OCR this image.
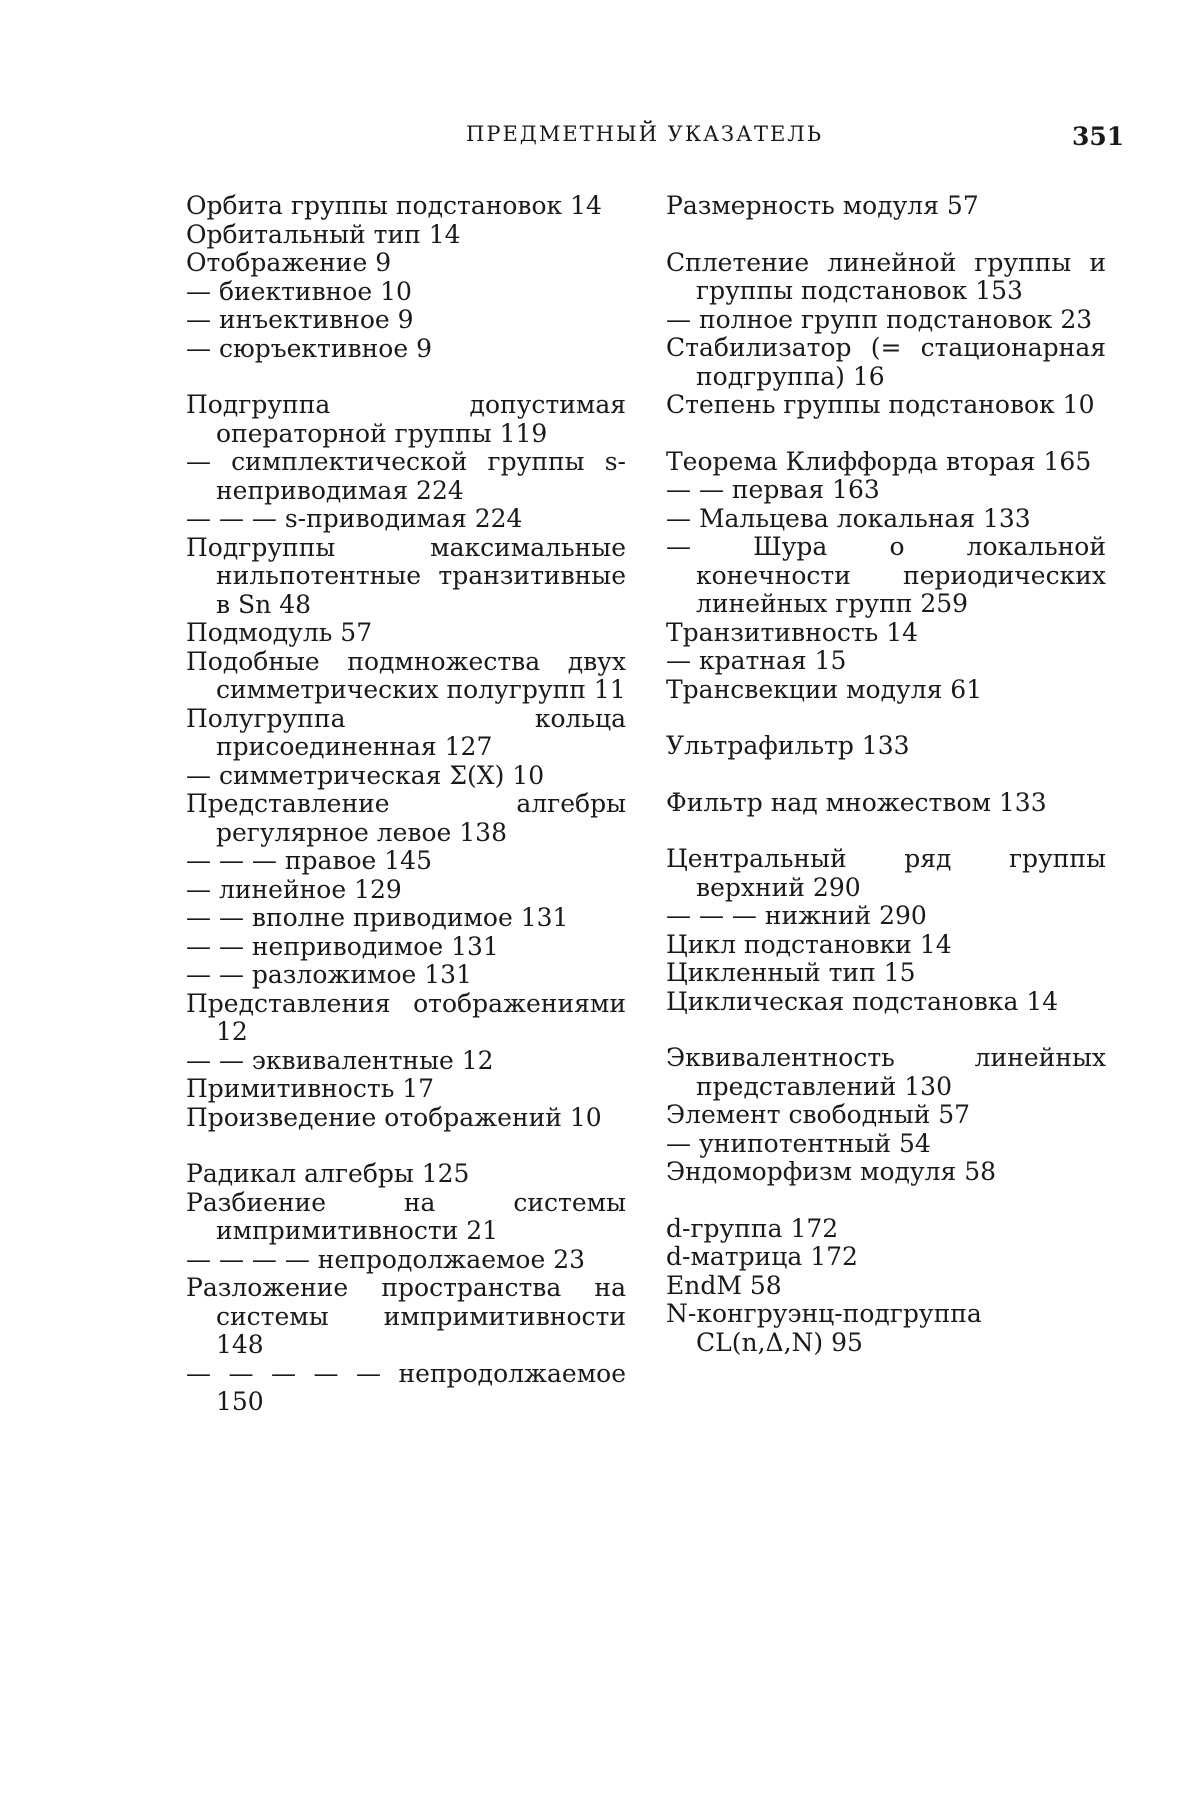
ПРЕДМЕТНЫЙ УКАЗАТЕЛЬ	351
Орбита группы подстановок 14
Орбитальный тип 14
Отображение 9
— биективное 10
— инъективное 9
— сюръективное 9
Подгруппа допустимая операторной группы 119
— симплектической группы s-неприводимая 224
— — — s-приводимая 224
Подгруппы максимальные нильпотентные транзитивные в Sn 48
Подмодуль 57
Подобные подмножества двух симметрических полугрупп 11
Полугруппа кольца присоединенная 127
— симметрическая Σ(X) 10
Представление алгебры регулярное левое 138
— — — правое 145
— линейное 129
— — вполне приводимое 131
— — неприводимое 131
— — разложимое 131
Представления отображениями 12
— — эквивалентные 12
Примитивность 17
Произведение отображений 10
Радикал алгебры 125
Разбиение на системы импримитивности 21
— — — — непродолжаемое 23
Разложение пространства на системы импримитивности 148
— — — — — непродолжаемое 150
Размерность модуля 57
Сплетение линейной группы и группы подстановок 153
— полное групп подстановок 23
Стабилизатор (= стационарная подгруппа) 16
Степень группы подстановок 10
Теорема Клиффорда вторая 165
— — первая 163
— Мальцева локальная 133
— Шура о локальной конечности периодических линейных групп 259
Транзитивность 14
— кратная 15
Трансвекции модуля 61
Ультрафильтр 133
Фильтр над множеством 133
Центральный ряд группы верхний 290
— — — нижний 290
Цикл подстановки 14
Цикленный тип 15
Циклическая подстановка 14
Эквивалентность линейных представлений 130
Элемент свободный 57
— унипотентный 54
Эндоморфизм модуля 58
d-группа 172
d-матрица 172
EndM 58
N-конгруэнц-подгруппа CL(n,Δ,N) 95
